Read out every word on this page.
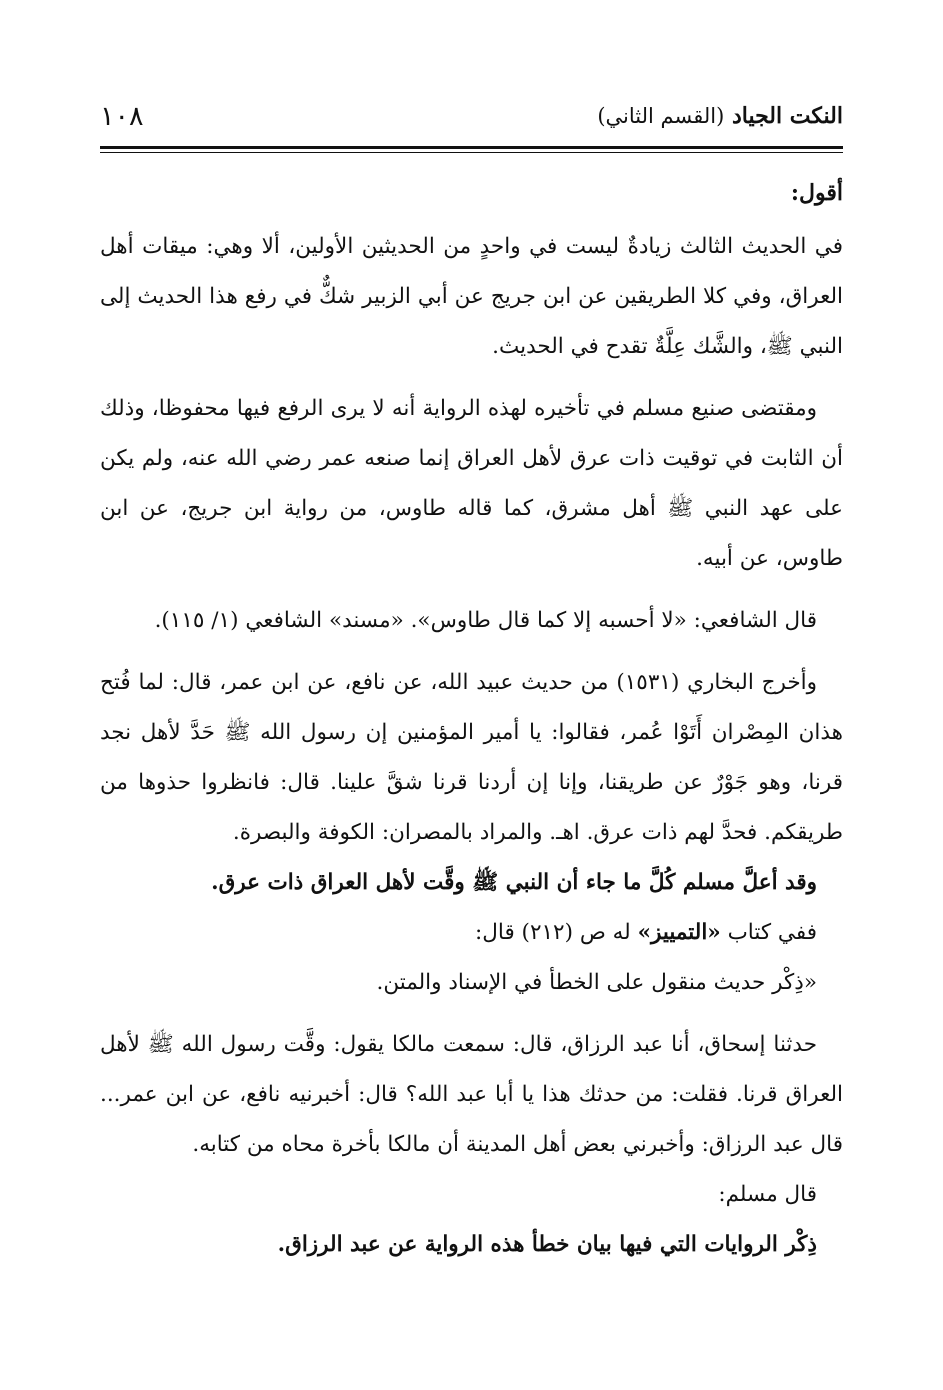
النكت الجياد (القسم الثاني)
١٠٨

أقول:

في الحديث الثالث زيادةٌ ليست في واحدٍ من الحديثين الأولين، ألا وهي: ميقات أهل العراق، وفي كلا الطريقين عن ابن جريج عن أبي الزبير شكٌّ في رفع هذا الحديث إلى النبي ﷺ، والشَّك عِلَّةٌ تقدح في الحديث.

ومقتضى صنيع مسلم في تأخيره لهذه الرواية أنه لا يرى الرفع فيها محفوظا، وذلك أن الثابت في توقيت ذات عرق لأهل العراق إنما صنعه عمر رضي الله عنه، ولم يكن على عهد النبي ﷺ أهل مشرق، كما قاله طاوس، من رواية ابن جريج، عن ابن طاوس، عن أبيه.

قال الشافعي: «لا أحسبه إلا كما قال طاوس». «مسند» الشافعي (١/ ١١٥).

وأخرج البخاري (١٥٣١) من حديث عبيد الله، عن نافع، عن ابن عمر، قال: لما فُتح هذان المِصْران أَتَوْا عُمر، فقالوا: يا أمير المؤمنين إن رسول الله ﷺ حَدَّ لأهل نجد قرنا، وهو جَوْرٌ عن طريقنا، وإنا إن أردنا قرنا شقَّ علينا. قال: فانظروا حذوها من طريقكم. فحدَّ لهم ذات عرق. اهـ. والمراد بالمصران: الكوفة والبصرة.

وقد أعلَّ مسلم كُلَّ ما جاء أن النبي ﷺ وقَّت لأهل العراق ذات عرق.

ففي كتاب «التمييز» له ص (٢١٢) قال:

«ذِكْر حديث منقول على الخطأ في الإسناد والمتن.

حدثنا إسحاق، أنا عبد الرزاق، قال: سمعت مالكا يقول: وقَّت رسول الله ﷺ لأهل العراق قرنا. فقلت: من حدثك هذا يا أبا عبد الله؟ قال: أخبرنيه نافع، عن ابن عمر... قال عبد الرزاق: وأخبرني بعض أهل المدينة أن مالكا بأخرة محاه من كتابه.

قال مسلم:

ذِكْر الروايات التي فيها بيان خطأ هذه الرواية عن عبد الرزاق.
